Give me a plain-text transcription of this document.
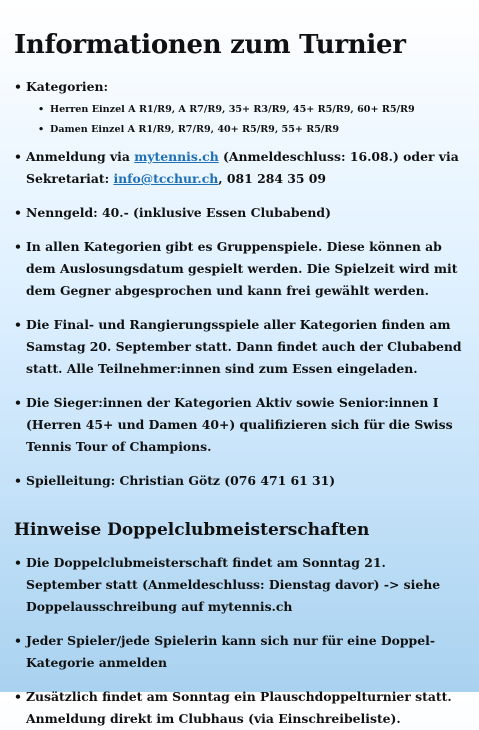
Informationen zum Turnier
• Kategorien:
• Herren Einzel A R1/R9, A R7/R9, 35+ R3/R9, 45+ R5/R9, 60+ R5/R9
• Damen Einzel A R1/R9, R7/R9, 40+ R5/R9, 55+ R5/R9
• Anmeldung via mytennis.ch (Anmeldeschluss: 16.08.) oder via Sekretariat: info@tcchur.ch, 081 284 35 09
• Nenngeld: 40.- (inklusive Essen Clubabend)
• In allen Kategorien gibt es Gruppenspiele. Diese können ab dem Auslosungsdatum gespielt werden. Die Spielzeit wird mit dem Gegner abgesprochen und kann frei gewählt werden.
• Die Final- und Rangierungsspiele aller Kategorien finden am Samstag 20. September statt. Dann findet auch der Clubabend statt. Alle Teilnehmer:innen sind zum Essen eingeladen.
• Die Sieger:innen der Kategorien Aktiv sowie Senior:innen I (Herren 45+ und Damen 40+) qualifizieren sich für die Swiss Tennis Tour of Champions.
• Spielleitung: Christian Götz (076 471 61 31)
Hinweise Doppelclubmeisterschaften
• Die Doppelclubmeisterschaft findet am Sonntag 21. September statt (Anmeldeschluss: Dienstag davor) -> siehe Doppelausschreibung auf mytennis.ch
• Jeder Spieler/jede Spielerin kann sich nur für eine Doppel-Kategorie anmelden
• Zusätzlich findet am Sonntag ein Plauschdoppelturnier statt. Anmeldung direkt im Clubhaus (via Einschreibeliste).
